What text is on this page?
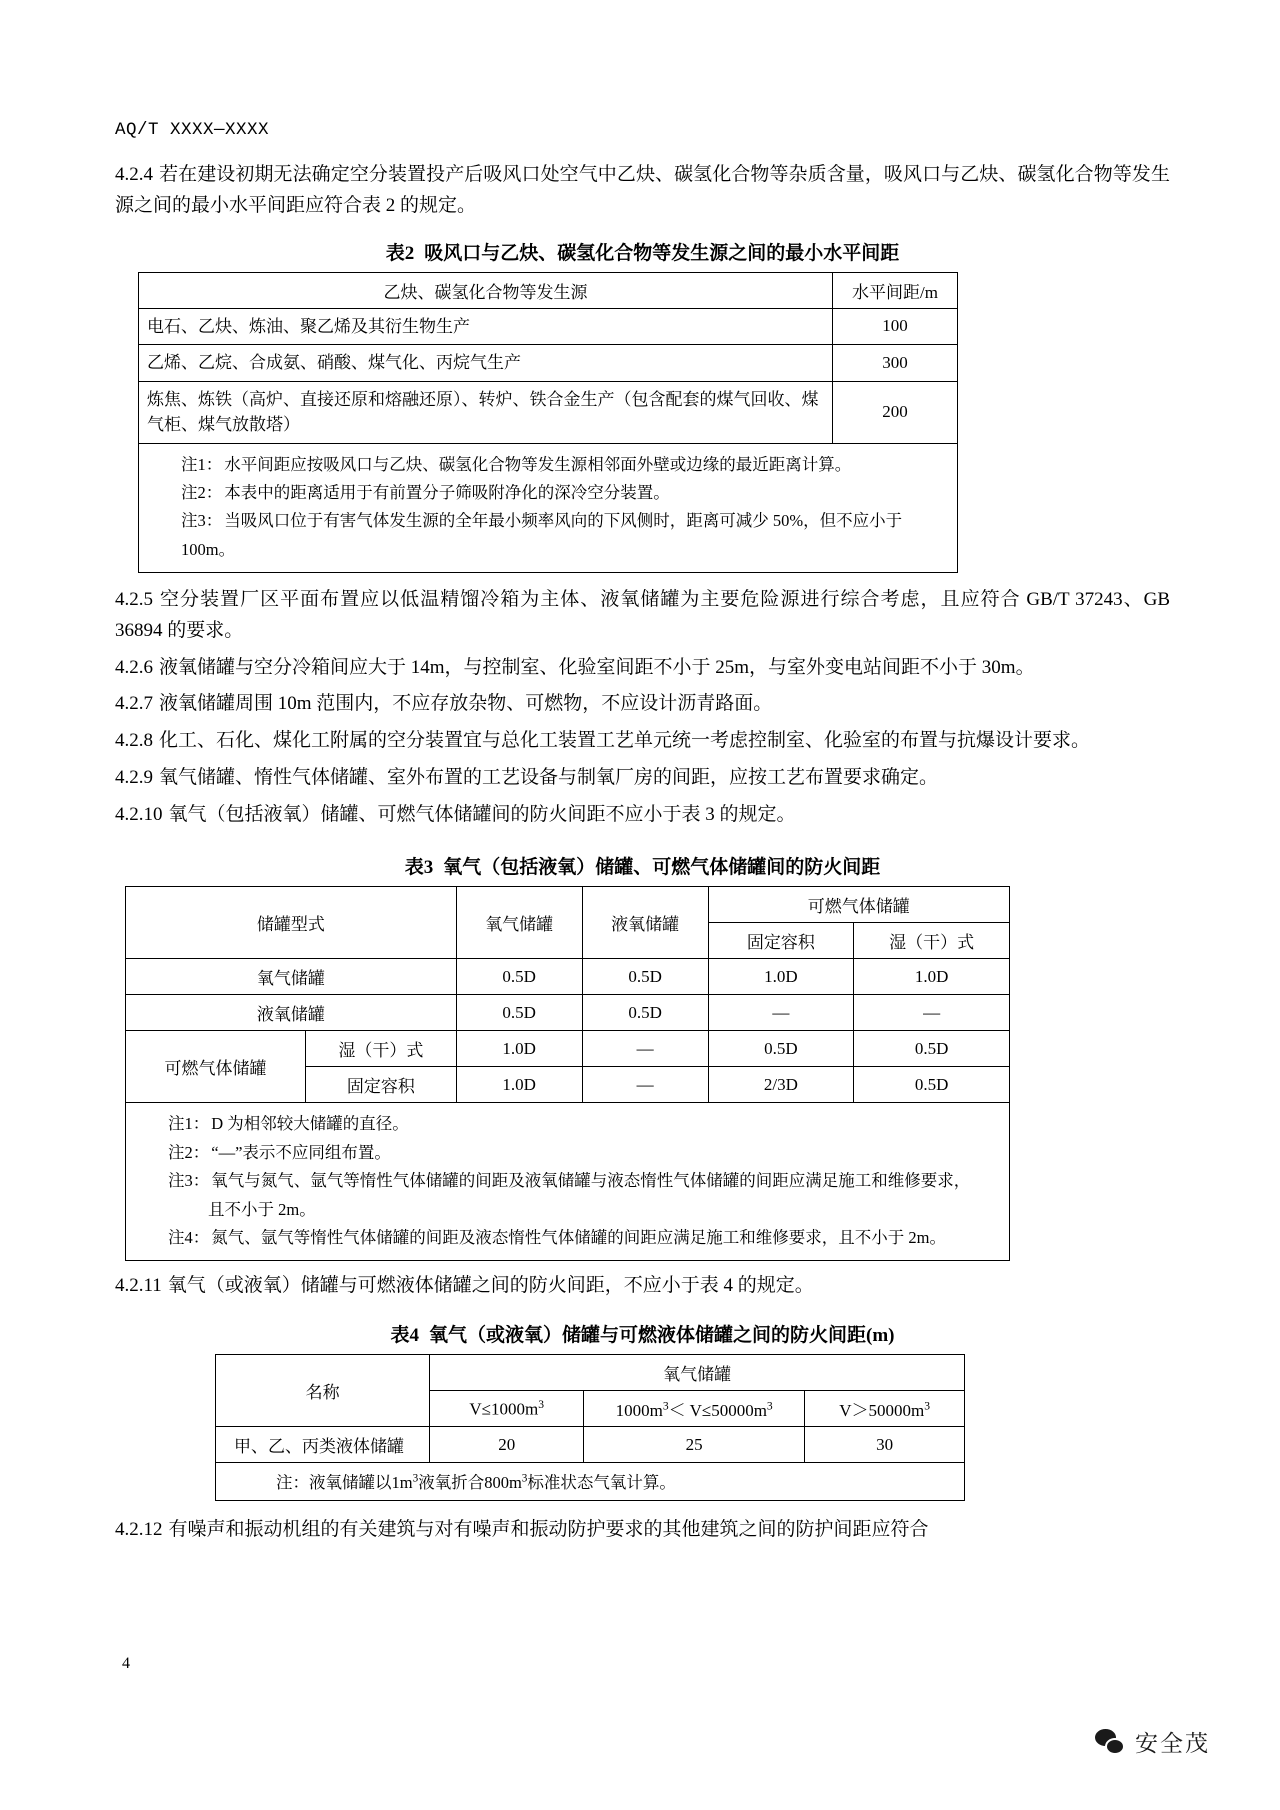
AQ/T XXXX—XXXX

4.2.4 若在建设初期无法确定空分装置投产后吸风口处空气中乙炔、碳氢化合物等杂质含量，吸风口与乙炔、碳氢化合物等发生源之间的最小水平间距应符合表 2 的规定。

表2 吸风口与乙炔、碳氢化合物等发生源之间的最小水平间距
乙炔、碳氢化合物等发生源	水平间距/m
电石、乙炔、炼油、聚乙烯及其衍生物生产	100
乙烯、乙烷、合成氨、硝酸、煤气化、丙烷气生产	300
炼焦、炼铁（高炉、直接还原和熔融还原）、转炉、铁合金生产（包含配套的煤气回收、煤气柜、煤气放散塔）	200

注1： 水平间距应按吸风口与乙炔、碳氢化合物等发生源相邻面外壁或边缘的最近距离计算。

注2： 本表中的距离适用于有前置分子筛吸附净化的深冷空分装置。

注3： 当吸风口位于有害气体发生源的全年最小频率风向的下风侧时，距离可减少 50%，但不应小于 100m。	

4.2.5 空分装置厂区平面布置应以低温精馏冷箱为主体、液氧储罐为主要危险源进行综合考虑，且应符合 GB/T 37243、GB 36894 的要求。

4.2.6 液氧储罐与空分冷箱间应大于 14m，与控制室、化验室间距不小于 25m，与室外变电站间距不小于 30m。

4.2.7 液氧储罐周围 10m 范围内，不应存放杂物、可燃物，不应设计沥青路面。

4.2.8 化工、石化、煤化工附属的空分装置宜与总化工装置工艺单元统一考虑控制室、化验室的布置与抗爆设计要求。

4.2.9 氧气储罐、惰性气体储罐、室外布置的工艺设备与制氧厂房的间距，应按工艺布置要求确定。

4.2.10 氧气（包括液氧）储罐、可燃气体储罐间的防火间距不应小于表 3 的规定。

表3 氧气（包括液氧）储罐、可燃气体储罐间的防火间距
储罐型式		氧气储罐	液氧储罐	可燃气体储罐	
				固定容积	湿（干）式
氧气储罐		0.5D	0.5D	1.0D	1.0D
液氧储罐		0.5D	0.5D	—	—
可燃气体储罐	湿（干）式	1.0D	—	0.5D	0.5D
	固定容积	1.0D	—	2/3D	0.5D

注1： D 为相邻较大储罐的直径。

注2： “—”表示不应同组布置。

注3： 氧气与氮气、氩气等惰性气体储罐的间距及液氧储罐与液态惰性气体储罐的间距应满足施工和维修要求，

且不小于 2m。

注4： 氮气、氩气等惰性气体储罐的间距及液态惰性气体储罐的间距应满足施工和维修要求，且不小于 2m。					

4.2.11 氧气（或液氧）储罐与可燃液体储罐之间的防火间距，不应小于表 4 的规定。

表4 氧气（或液氧）储罐与可燃液体储罐之间的防火间距(m)
名称	氧气储罐		
	$V\le 1000m^3$	$1000m^3< V\le 50000m^3$	$V>50000m^3$
甲、乙、丙类液体储罐	20	25	30
注：液氧储罐以$1m^3$液氧折合$800m^3$标准状态气氧计算。			

4.2.12 有噪声和振动机组的有关建筑与对有噪声和振动防护要求的其他建筑之间的防护间距应符合

4
安全茂
